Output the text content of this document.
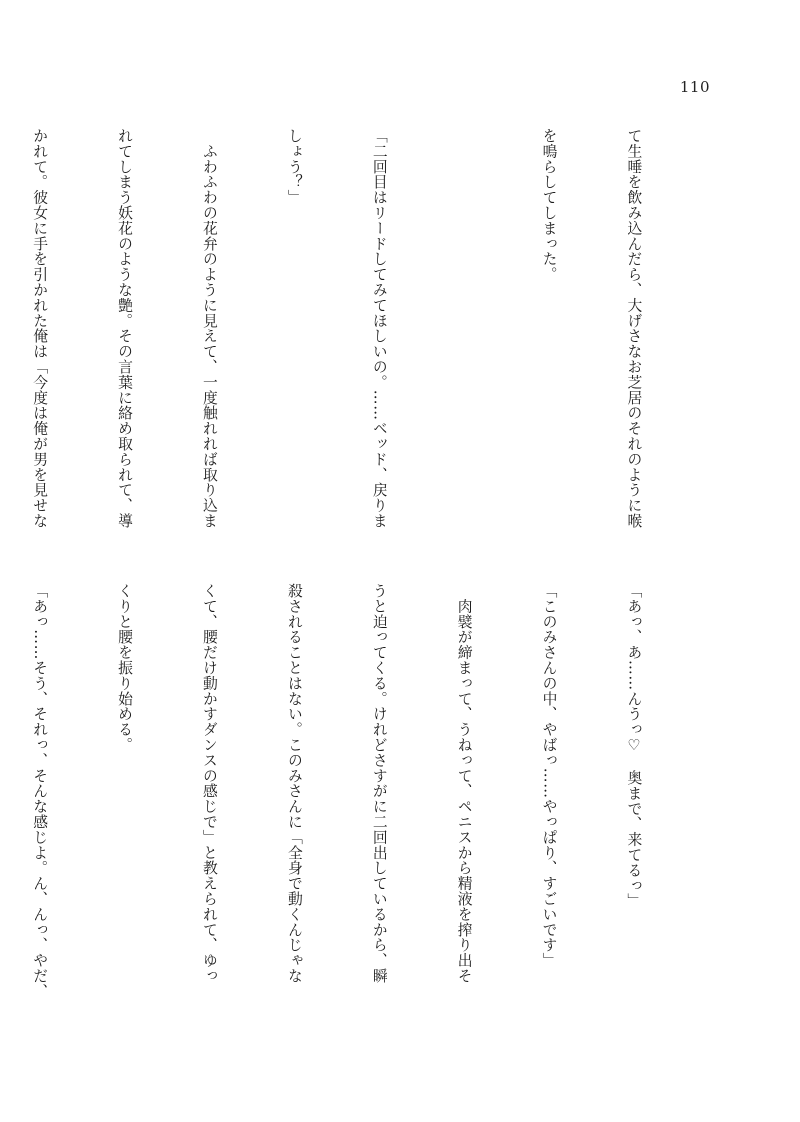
110

て生唾を飲み込んだら、大げさなお芝居のそれのように喉

を鳴らしてしまった。

「二回目はリードしてみてほしいの。……ベッド、戻りま

しょう？」

　ふわふわの花弁のように見えて、一度触れれば取り込ま

れてしまう妖花のような艶。その言葉に絡め取られて、導

かれて。彼女に手を引かれた俺は「今度は俺が男を見せな

「あっ、あ……んうっ♡　奥まで、来てるっ」

「このみさんの中、やばっ……やっぱり、すごいです」

　肉襞が締まって、うねって、ペニスから精液を搾り出そ

うと迫ってくる。けれどさすがに二回出しているから、瞬

殺されることはない。このみさんに「全身で動くんじゃな

くて、腰だけ動かすダンスの感じで」と教えられて、ゆっ

くりと腰を振り始める。

「あっ……そう、それっ、そんな感じよ。ん、んっ、やだ、
